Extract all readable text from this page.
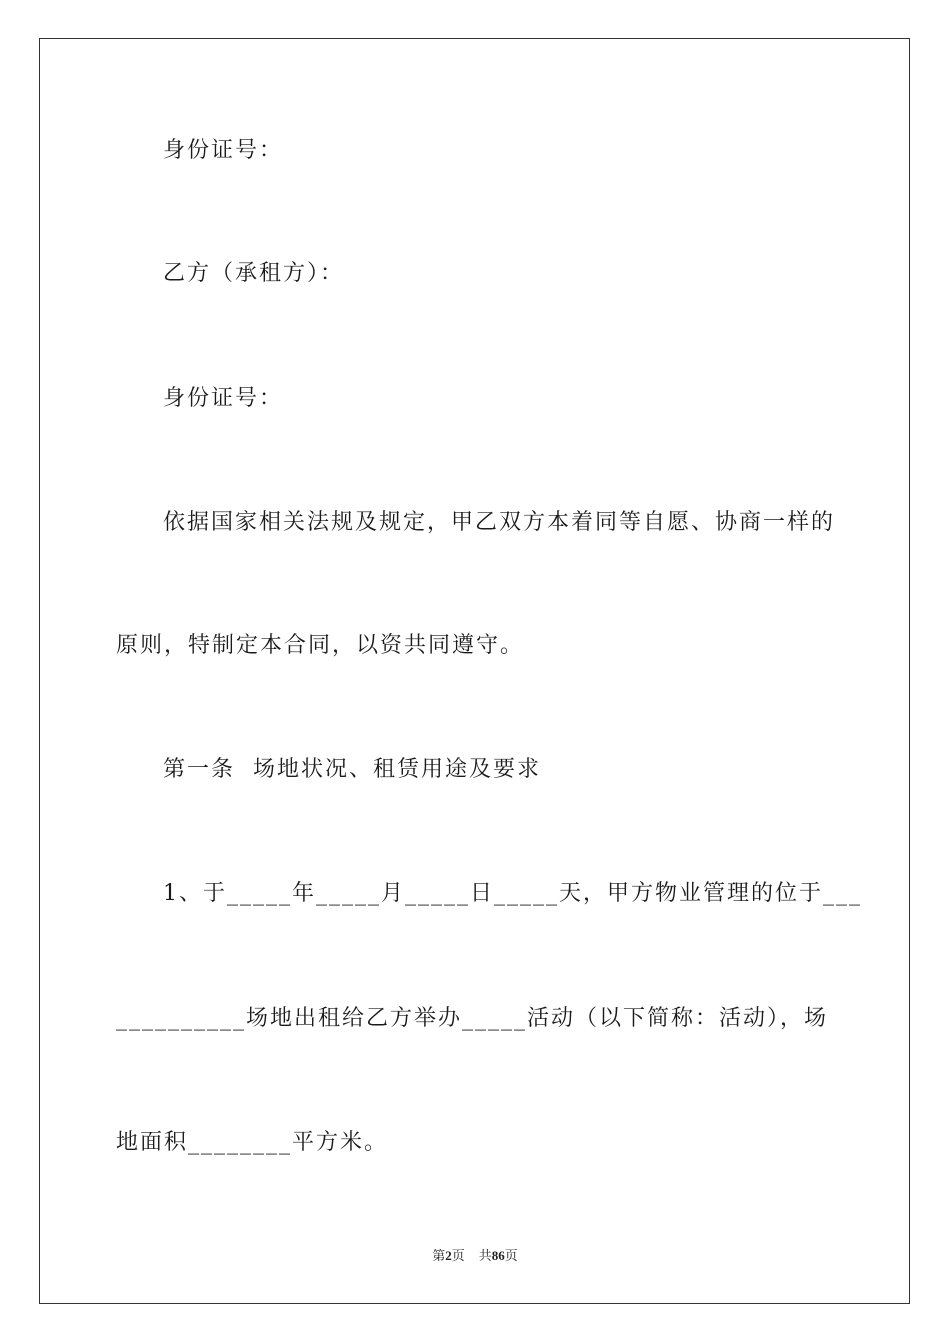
身份证号：

乙方（承租方）：

身份证号：

依据国家相关法规及规定，甲乙双方本着同等自愿、协商一样的

原则，特制定本合同，以资共同遵守。

第一条  场地状况、租赁用途及要求

1、于_____年_____月_____日_____天，甲方物业管理的位于___

__________场地出租给乙方举办_____活动（以下简称：活动），场

地面积________平方米。

第2页 共86页
